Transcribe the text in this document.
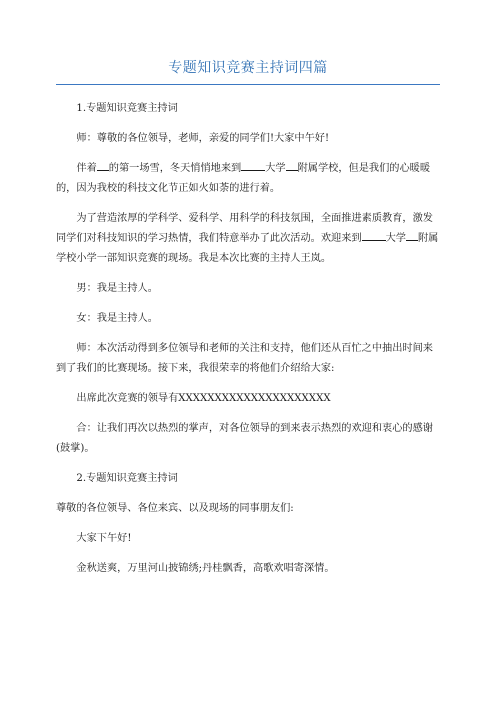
专题知识竞赛主持词四篇
1.专题知识竞赛主持词

师：尊敬的各位领导，老师，亲爱的同学们!大家中午好!

伴着 的第一场雪，冬天悄悄地来到 大学 附属学校，但是我们的心暖暖的，因为我校的科技文化节正如火如荼的进行着。

为了营造浓厚的学科学、爱科学、用科学的科技氛围，全面推进素质教育，激发同学们对科技知识的学习热情，我们特意举办了此次活动。欢迎来到 大学 附属学校小学一部知识竞赛的现场。我是本次比赛的主持人王岚。

男：我是主持人。

女：我是主持人。

师：本次活动得到多位领导和老师的关注和支持，他们还从百忙之中抽出时间来到了我们的比赛现场。接下来，我很荣幸的将他们介绍给大家:

出席此次竞赛的领导有XXXXXXXXXXXXXXXXXXXXX

合：让我们再次以热烈的掌声，对各位领导的到来表示热烈的欢迎和衷心的感谢(鼓掌)。

2.专题知识竞赛主持词

尊敬的各位领导、各位来宾、以及现场的同事朋友们:

大家下午好!

金秋送爽，万里河山披锦绣;丹桂飘香，高歌欢唱寄深情。
